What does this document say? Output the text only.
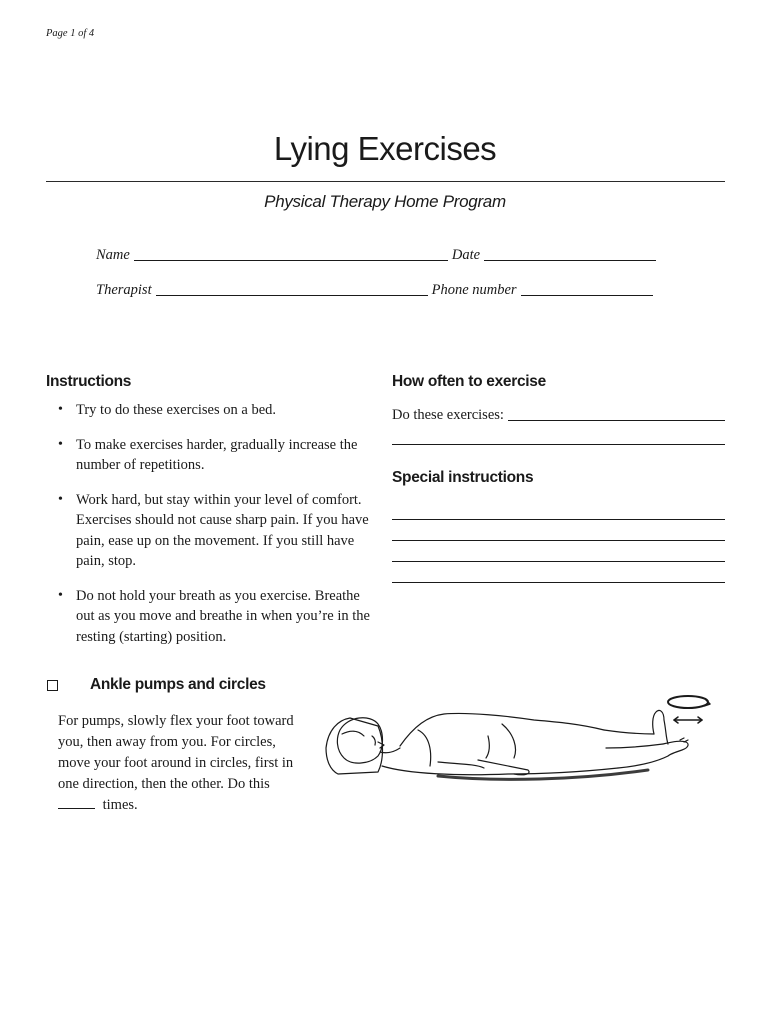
Page 1 of 4
Lying Exercises
Physical Therapy Home Program
Name	Date
Therapist	Phone number
Instructions
• Try to do these exercises on a bed.
• To make exercises harder, gradually increase the number of repetitions.
• Work hard, but stay within your level of comfort. Exercises should not cause sharp pain. If you have pain, ease up on the movement. If you still have pain, stop.
• Do not hold your breath as you exercise. Breathe out as you move and breathe in when you’re in the resting (starting) position.
How often to exercise
Do these exercises:
Special instructions
Ankle pumps and circles
For pumps, slowly flex your foot toward you, then away from you. For circles, move your foot around in circles, first in one direction, then the other. Do this
times.
